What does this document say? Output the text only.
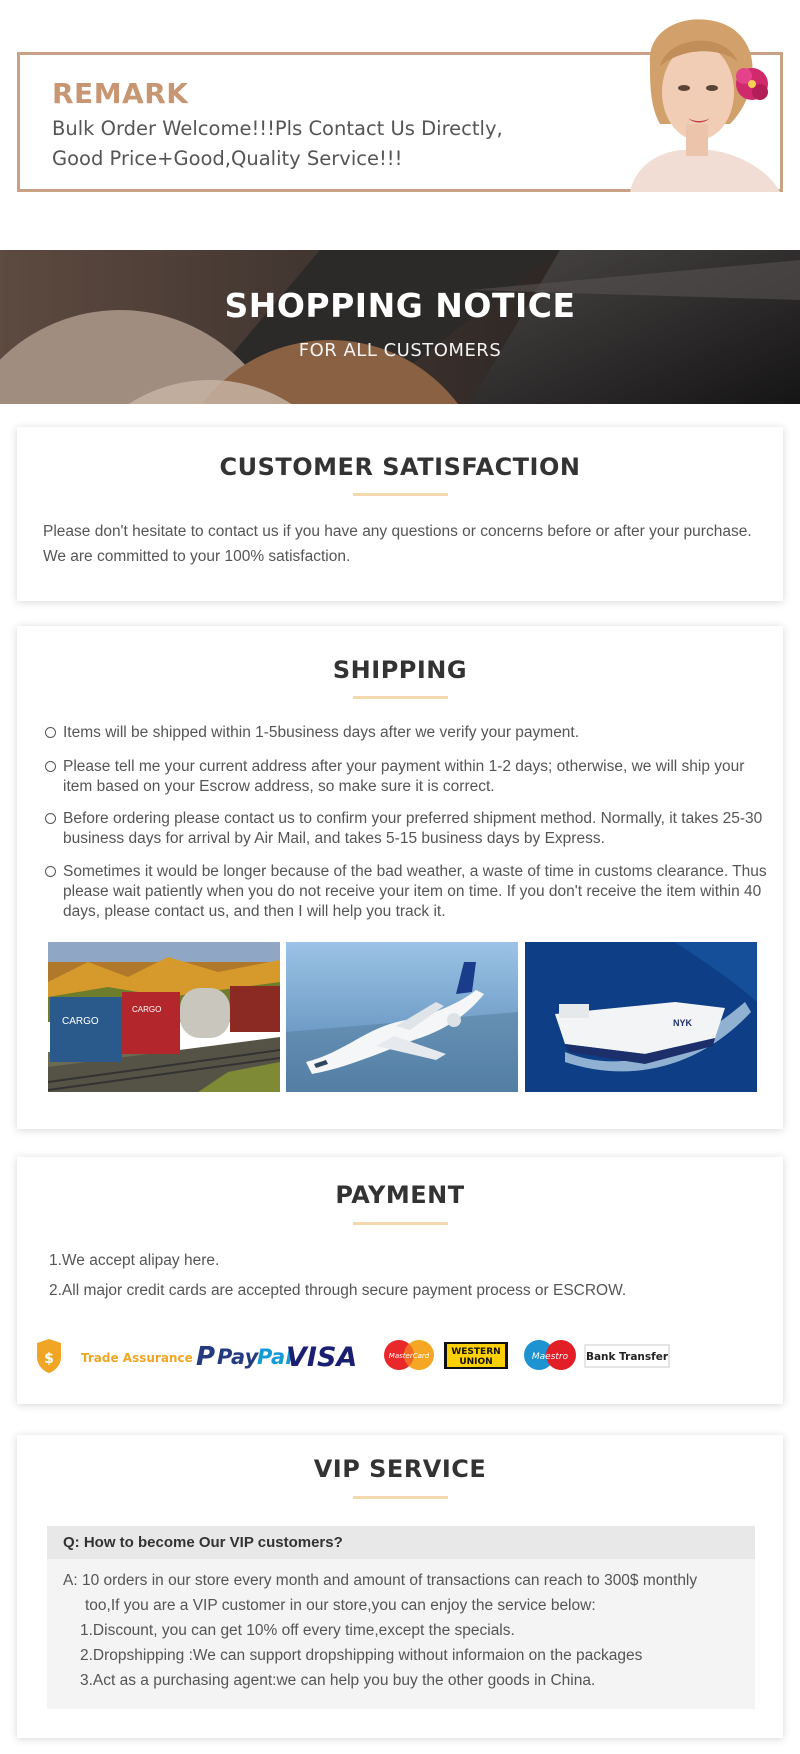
REMARK
Bulk Order Welcome!!!Pls Contact Us Directly,
Good Price+Good,Quality Service!!!
SHOPPING NOTICE
FOR ALL CUSTOMERS
CUSTOMER SATISFACTION
Please don't hesitate to contact us if you have any questions or concerns before or after your purchase.
We are committed to your 100% satisfaction.
SHIPPING
Items will be shipped within 1-5business days after we verify your payment.
Please tell me your current address after your payment within 1-2 days; otherwise, we will ship your item based on your Escrow address, so make sure it is correct.
Before ordering please contact us to confirm your preferred shipment method. Normally, it takes 25-30 business days for arrival by Air Mail, and takes 5-15 business days by Express.
Sometimes it would be longer because of the bad weather, a waste of time in customs clearance. Thus please wait patiently when you do not receive your item on time. If you don't receive the item within 40 days, please contact us, and then I will help you track it.
CARGO
CARGO
NYK
PAYMENT
1.We accept alipay here.
2.All major credit cards are accepted through secure payment process or ESCROW.
$ Trade Assurance P Pay
Pal
VISA	MasterCard WESTERN
UNION	Maestro Bank Transfer
VIP SERVICE
Q: How to become Our VIP customers?
A: 10 orders in our store every month and amount of transactions can reach to 300$ monthly
too,If you are a VIP customer in our store,you can enjoy the service below:
1.Discount, you can get 10% off every time,except the specials.
2.Dropshipping :We can support dropshipping without informaion on the packages
3.Act as a purchasing agent:we can help you buy the other goods in China.
